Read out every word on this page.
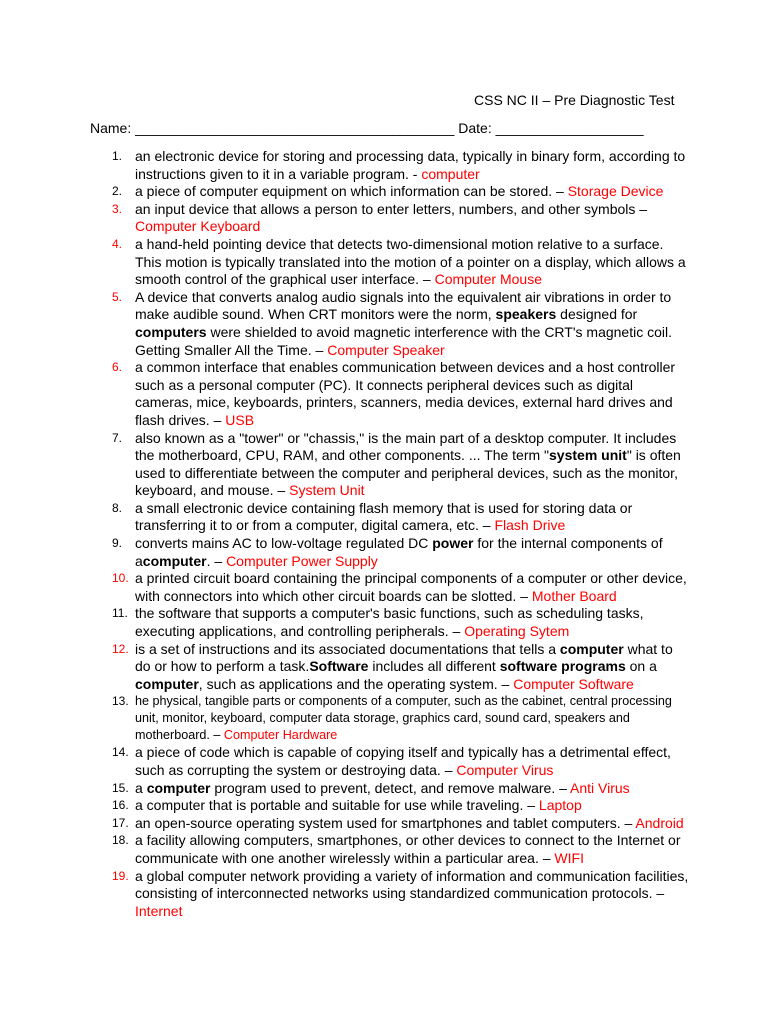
CSS NC II – Pre Diagnostic Test
Name: _________________________________________ Date: ___________________
1. an electronic device for storing and processing data, typically in binary form, according to instructions given to it in a variable program. - computer
2. a piece of computer equipment on which information can be stored. – Storage Device
3. an input device that allows a person to enter letters, numbers, and other symbols – Computer Keyboard
4. a hand-held pointing device that detects two-dimensional motion relative to a surface. This motion is typically translated into the motion of a pointer on a display, which allows a smooth control of the graphical user interface. – Computer Mouse
5. A device that converts analog audio signals into the equivalent air vibrations in order to make audible sound. When CRT monitors were the norm, speakers designed for computers were shielded to avoid magnetic interference with the CRT's magnetic coil. Getting Smaller All the Time. – Computer Speaker
6. a common interface that enables communication between devices and a host controller such as a personal computer (PC). It connects peripheral devices such as digital cameras, mice, keyboards, printers, scanners, media devices, external hard drives and flash drives. – USB
7. also known as a "tower" or "chassis," is the main part of a desktop computer. It includes the motherboard, CPU, RAM, and other components. ... The term "system unit" is often used to differentiate between the computer and peripheral devices, such as the monitor, keyboard, and mouse. – System Unit
8. a small electronic device containing flash memory that is used for storing data or transferring it to or from a computer, digital camera, etc. – Flash Drive
9. converts mains AC to low-voltage regulated DC power for the internal components of acomputer. – Computer Power Supply
10. a printed circuit board containing the principal components of a computer or other device, with connectors into which other circuit boards can be slotted. – Mother Board
11. the software that supports a computer's basic functions, such as scheduling tasks, executing applications, and controlling peripherals. – Operating Sytem
12. is a set of instructions and its associated documentations that tells a computer what to do or how to perform a task.Software includes all different software programs on a computer, such as applications and the operating system. – Computer Software
13. he physical, tangible parts or components of a computer, such as the cabinet, central processing unit, monitor, keyboard, computer data storage, graphics card, sound card, speakers and motherboard. – Computer Hardware
14. a piece of code which is capable of copying itself and typically has a detrimental effect, such as corrupting the system or destroying data. – Computer Virus
15. a computer program used to prevent, detect, and remove malware. – Anti Virus
16. a computer that is portable and suitable for use while traveling. – Laptop
17. an open-source operating system used for smartphones and tablet computers. – Android
18. a facility allowing computers, smartphones, or other devices to connect to the Internet or communicate with one another wirelessly within a particular area. – WIFI
19. a global computer network providing a variety of information and communication facilities, consisting of interconnected networks using standardized communication protocols. – Internet
